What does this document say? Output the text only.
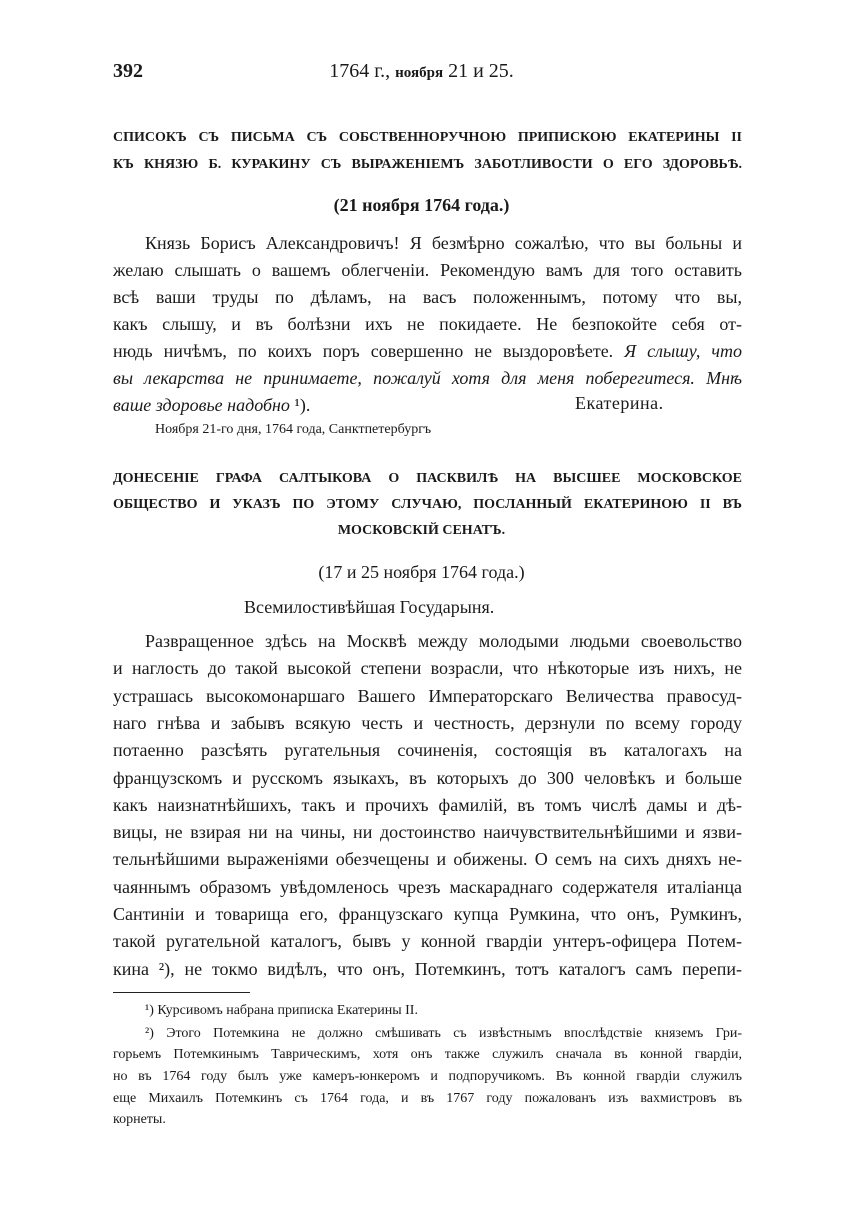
392	1764 г., ноября 21 и 25.
СПИСОКЪ СЪ ПИСЬМА СЪ СОБСТВЕННОРУЧНОЮ ПРИПИСКОЮ ЕКАТЕРИНЫ II
КЪ КНЯЗЮ Б. КУРАКИНУ СЪ ВЫРАЖЕНІЕМЪ ЗАБОТЛИВОСТИ О ЕГО ЗДОРОВЬѢ.
(21 ноября 1764 года.)
Князь Борисъ Александровичъ! Я безмѣрно сожалѣю, что вы больны и
желаю слышать о вашемъ облегченіи. Рекомендую вамъ для того оставить
всѣ ваши труды по дѣламъ, на васъ положеннымъ, потому что вы,
какъ слышу, и въ болѣзни ихъ не покидаете. Не безпокойте себя от-
нюдь ничѣмъ, по коихъ поръ совершенно не выздоровѣете. Я слышу, что
вы лекарства не принимаете, пожалуй хотя для меня поберегитеся. Мнѣ
ваше здоровье надобно ¹).	Екатерина.
Ноября 21-го дня, 1764 года, Санктпетербургъ
ДОНЕСЕНІЕ ГРАФА САЛТЫКОВА О ПАСКВИЛѢ НА ВЫСШЕЕ МОСКОВСКОЕ
ОБЩЕСТВО И УКАЗЪ ПО ЭТОМУ СЛУЧАЮ, ПОСЛАННЫЙ ЕКАТЕРИНОЮ II ВЪ
МОСКОВСКІЙ СЕНАТЪ.
(17 и 25 ноября 1764 года.)
Всемилостивѣйшая Государыня.
Развращенное здѣсь на Москвѣ между молодыми людьми своевольство
и наглость до такой высокой степени возрасли, что нѣкоторые изъ нихъ, не
устрашась высокомонаршаго Вашего Императорскаго Величества правосуд-
наго гнѣва и забывъ всякую честь и честность, дерзнули по всему городу
потаенно разсѣять ругательныя сочиненія, состоящія въ каталогахъ на
французскомъ и русскомъ языкахъ, въ которыхъ до 300 человѣкъ и больше
какъ наизнатнѣйшихъ, такъ и прочихъ фамилій, въ томъ числѣ дамы и дѣ-
вицы, не взирая ни на чины, ни достоинство наичувствительнѣйшими и язви-
тельнѣйшими выраженіями обезчещены и обижены. О семъ на сихъ дняхъ не-
чаяннымъ образомъ увѣдомленось чрезъ маскараднаго содержателя италіанца
Сантиніи и товарища его, французскаго купца Румкина, что онъ, Румкинъ,
такой ругательной каталогъ, бывъ у конной гвардіи унтеръ-офицера Потем-
кина ²), не токмо видѣлъ, что онъ, Потемкинъ, тотъ каталогъ самъ перепи-
¹) Курсивомъ набрана приписка Екатерины II.
²) Этого Потемкина не должно смѣшивать съ извѣстнымъ впослѣдствіе княземъ Гри-
горьемъ Потемкинымъ Таврическимъ, хотя онъ также служилъ сначала въ конной гвардіи,
но въ 1764 году былъ уже камеръ-юнкеромъ и подпоручикомъ. Въ конной гвардіи служилъ
еще Михаилъ Потемкинъ съ 1764 года, и въ 1767 году пожалованъ изъ вахмистровъ въ
корнеты.
